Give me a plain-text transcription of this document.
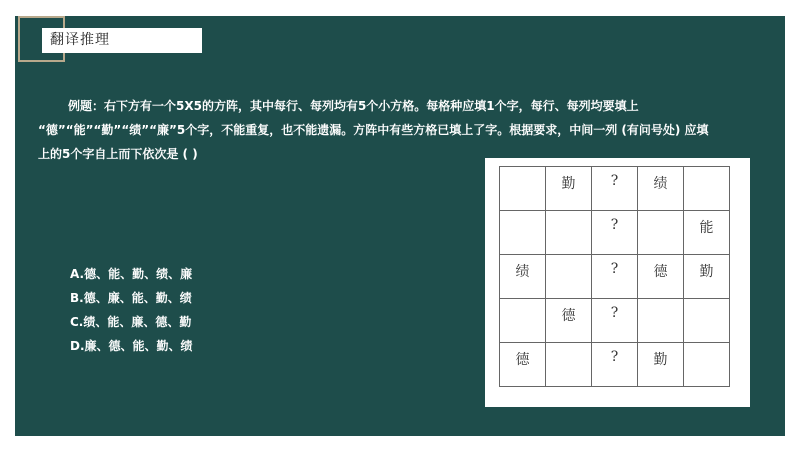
翻译推理
例题：右下方有一个5X5的方阵，其中每行、每列均有5个小方格。每格种应填1个字，每行、每列均要填上
“德”“能”“勤”“绩”“廉”5个字，不能重复，也不能遗漏。方阵中有些方格已填上了字。根据要求，中间一列 (有问号处) 应填
上的5个字自上而下依次是 ( )
A.德、能、勤、绩、廉
B.德、廉、能、勤、绩
C.绩、能、廉、德、勤
D.廉、德、能、勤、绩
	勤	?	绩	
		?		能
绩		?	德	勤
	德	?		
德		?	勤	
